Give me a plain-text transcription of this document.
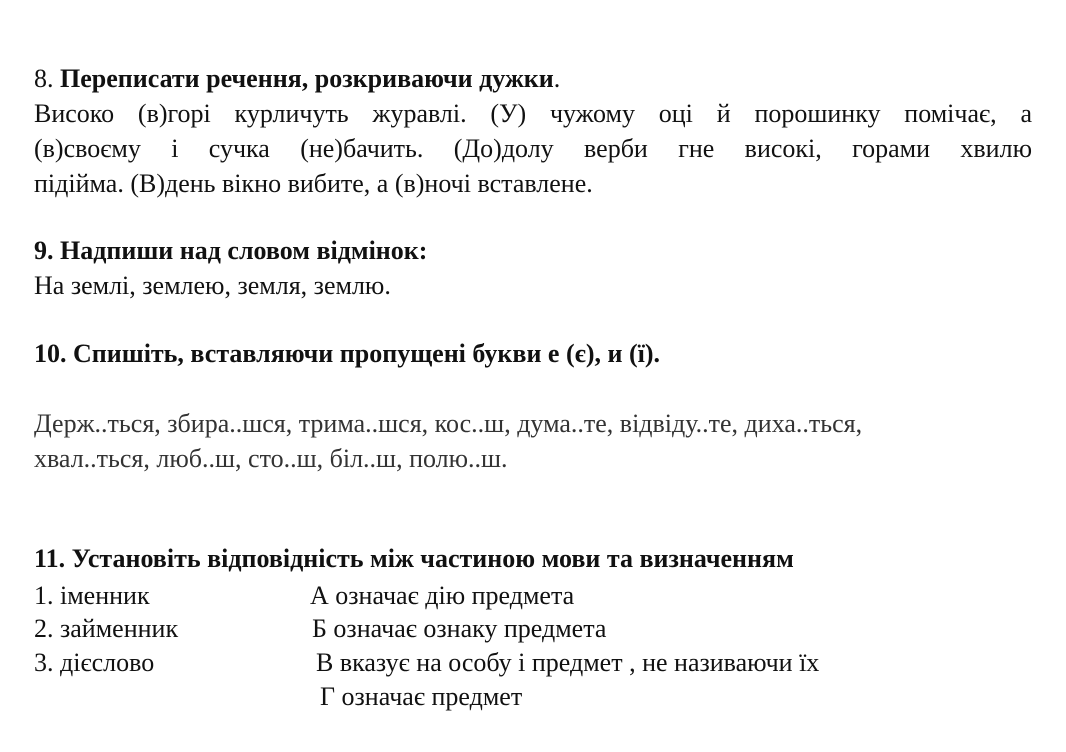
8. Переписати речення, розкриваючи дужки.
Високо (в)горі курличуть журавлі. (У) чужому оці й порошинку помічає, а
(в)своєму і сучка (не)бачить. (До)долу верби гне високі, горами хвилю
підійма. (В)день вікно вибите, а (в)ночі вставлене.
9. Надпиши над словом відмінок:
На землі, землею, земля, землю.
10. Спишіть, вставляючи пропущені букви е (є), и (ї).
Держ..ться, збира..шся, трима..шся, кос..ш, дума..те, відвіду..те, диха..ться,
хвал..ться, люб..ш, сто..ш, біл..ш, полю..ш.
11. Установіть відповідність між частиною мови та визначенням
1. іменник
2. займенник
3. дієслово
А означає дію предмета
Б означає ознаку предмета
В вказує на особу і предмет , не називаючи їх
Г означає предмет
